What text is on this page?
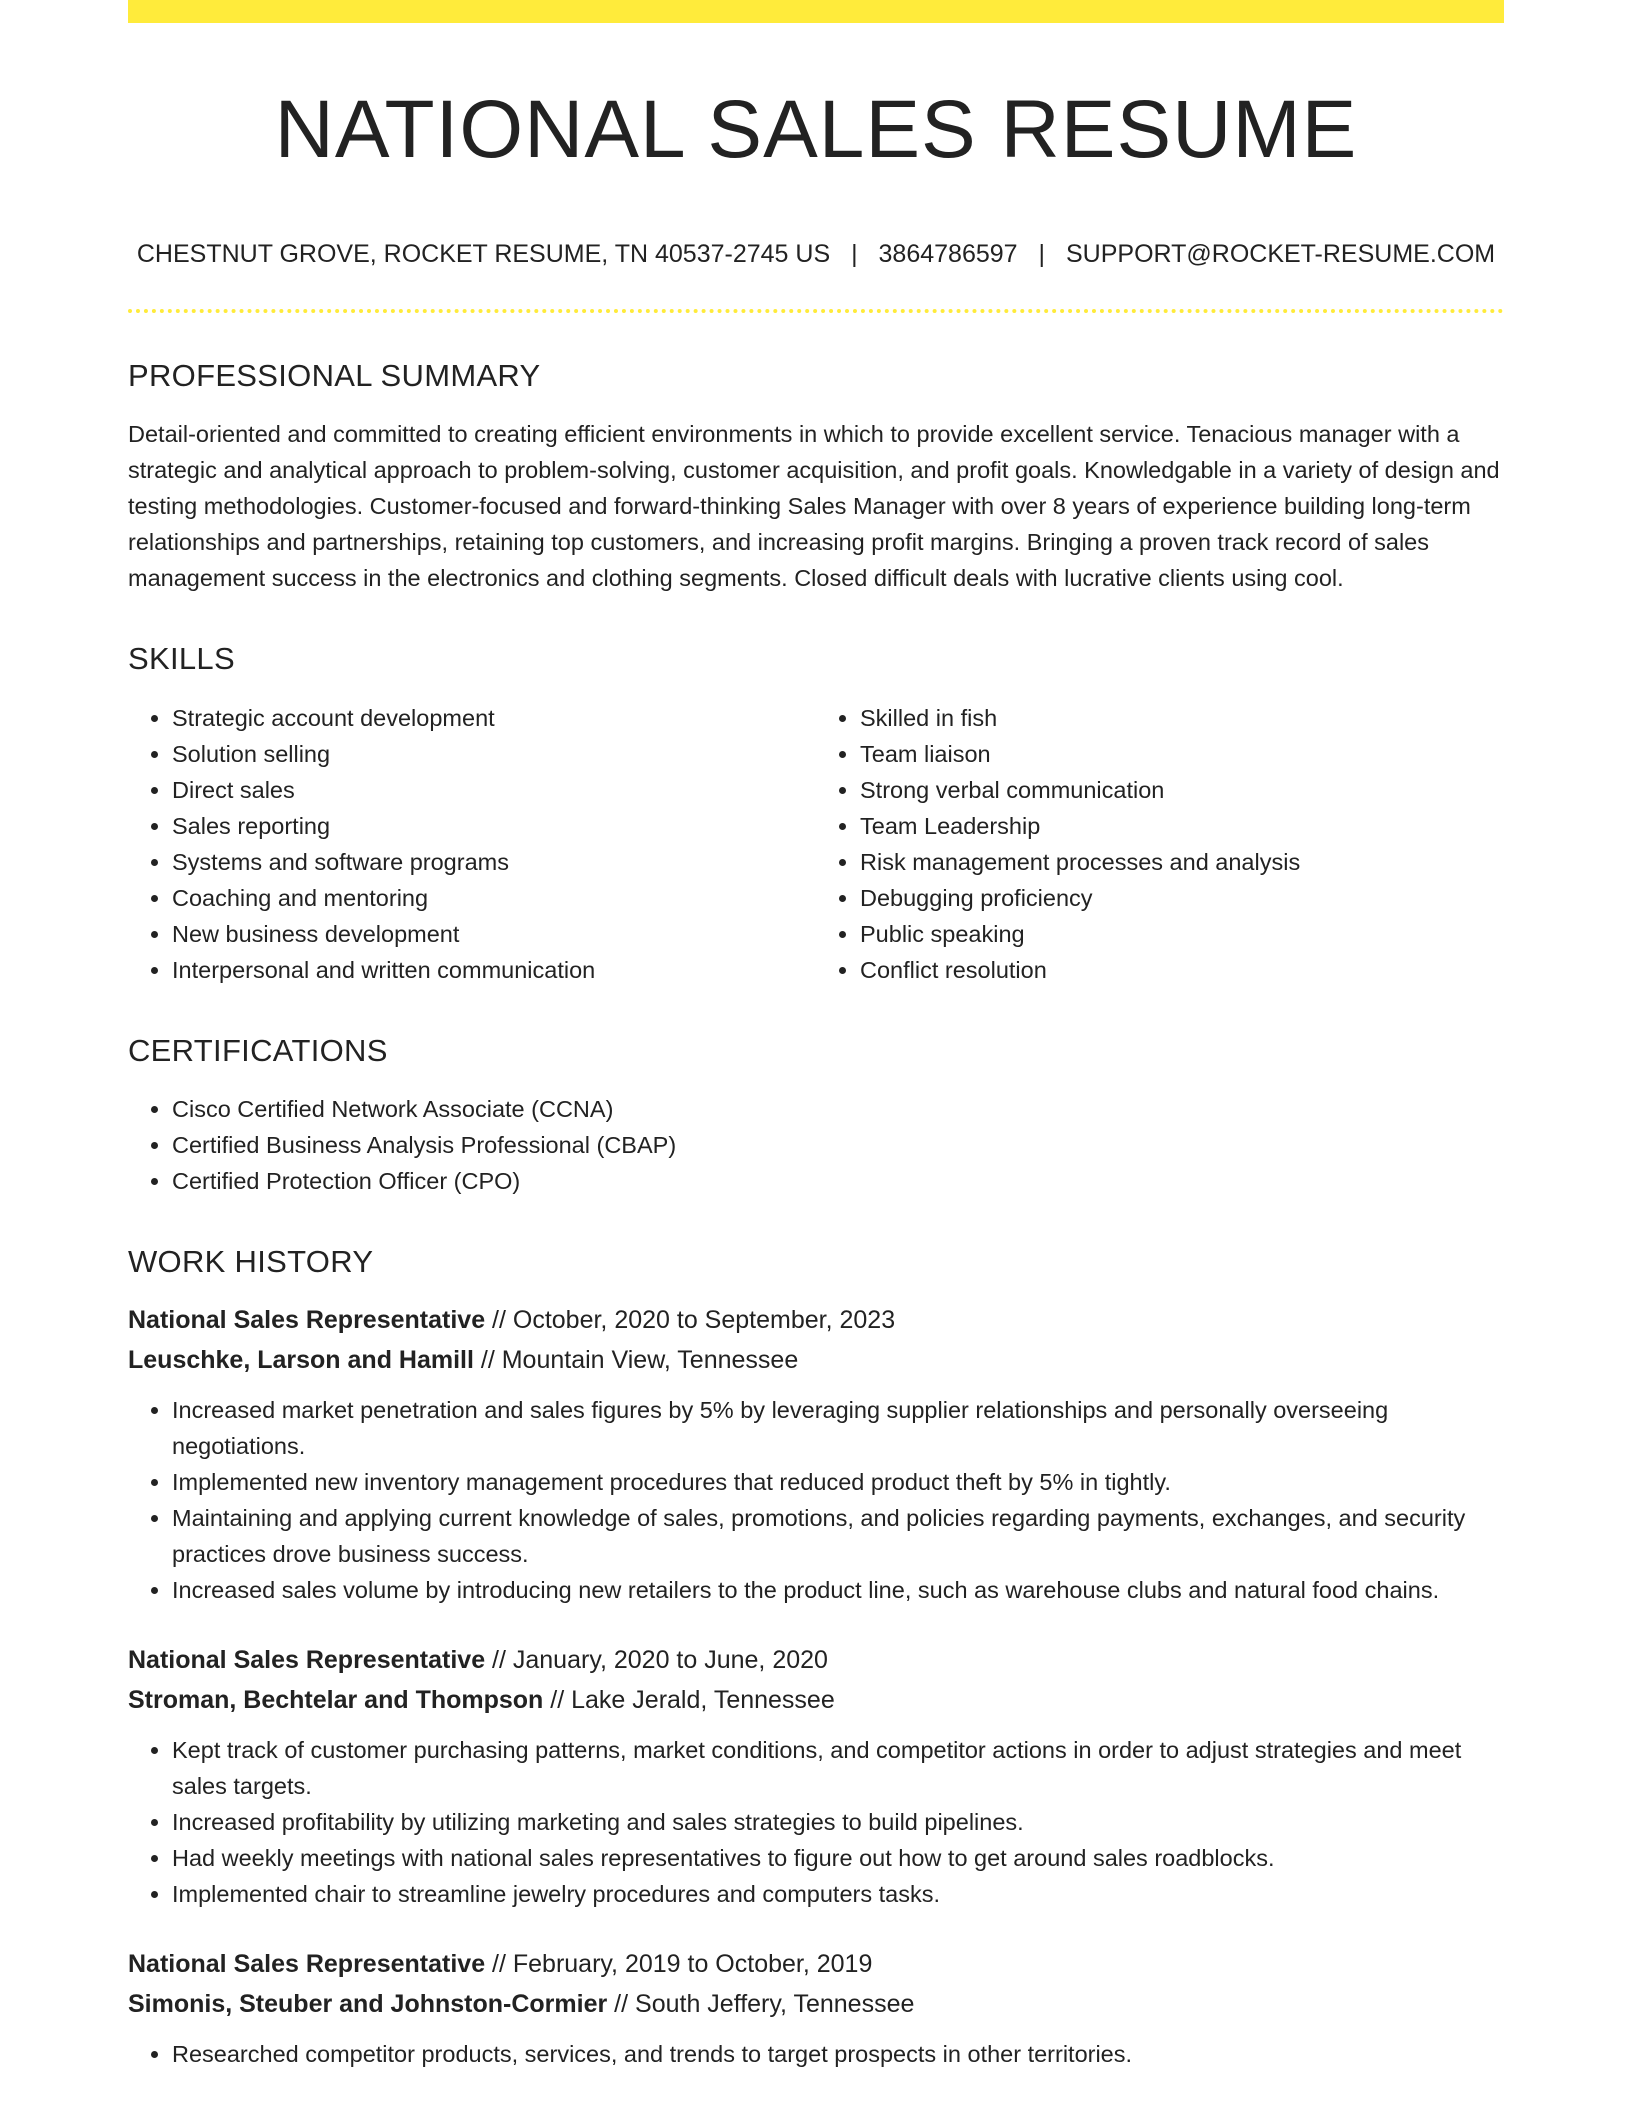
NATIONAL SALES RESUME
CHESTNUT GROVE, ROCKET RESUME, TN 40537-2745 US | 3864786597 | SUPPORT@ROCKET-RESUME.COM
PROFESSIONAL SUMMARY

Detail-oriented and committed to creating efficient environments in which to provide excellent service. Tenacious manager with a strategic and analytical approach to problem-solving, customer acquisition, and profit goals. Knowledgable in a variety of design and testing methodologies. Customer-focused and forward-thinking Sales Manager with over 8 years of experience building long-term relationships and partnerships, retaining top customers, and increasing profit margins. Bringing a proven track record of sales management success in the electronics and clothing segments. Closed difficult deals with lucrative clients using cool.

SKILLS
• Strategic account development
• Solution selling
• Direct sales
• Sales reporting
• Systems and software programs
• Coaching and mentoring
• New business development
• Interpersonal and written communication
• Skilled in fish
• Team liaison
• Strong verbal communication
• Team Leadership
• Risk management processes and analysis
• Debugging proficiency
• Public speaking
• Conflict resolution
CERTIFICATIONS
• Cisco Certified Network Associate (CCNA)
• Certified Business Analysis Professional (CBAP)
• Certified Protection Officer (CPO)
WORK HISTORY
National Sales Representative // October, 2020 to September, 2023
Leuschke, Larson and Hamill // Mountain View, Tennessee
• Increased market penetration and sales figures by 5% by leveraging supplier relationships and personally overseeing negotiations.
• Implemented new inventory management procedures that reduced product theft by 5% in tightly.
• Maintaining and applying current knowledge of sales, promotions, and policies regarding payments, exchanges, and security practices drove business success.
• Increased sales volume by introducing new retailers to the product line, such as warehouse clubs and natural food chains.
National Sales Representative // January, 2020 to June, 2020
Stroman, Bechtelar and Thompson // Lake Jerald, Tennessee
• Kept track of customer purchasing patterns, market conditions, and competitor actions in order to adjust strategies and meet sales targets.
• Increased profitability by utilizing marketing and sales strategies to build pipelines.
• Had weekly meetings with national sales representatives to figure out how to get around sales roadblocks.
• Implemented chair to streamline jewelry procedures and computers tasks.
National Sales Representative // February, 2019 to October, 2019
Simonis, Steuber and Johnston-Cormier // South Jeffery, Tennessee
• Researched competitor products, services, and trends to target prospects in other territories.
